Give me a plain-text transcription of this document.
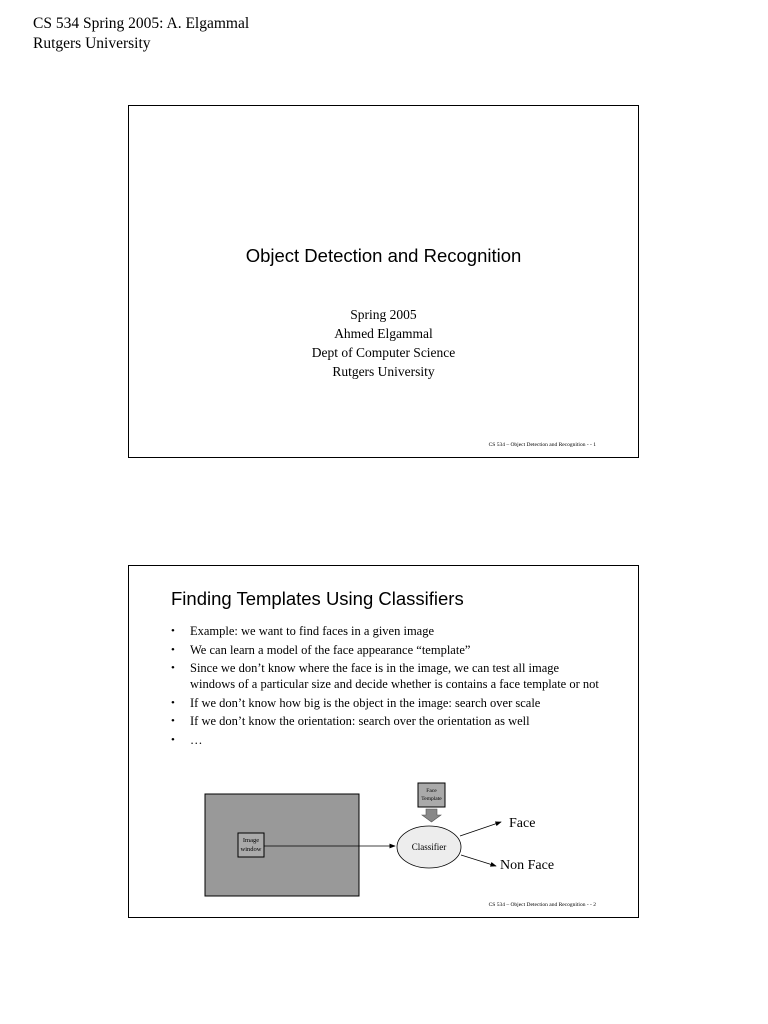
CS 534 Spring 2005: A. Elgammal
Rutgers University
Object Detection and Recognition
Spring 2005
Ahmed Elgammal
Dept of Computer Science
Rutgers University
CS 534 – Object Detection and Recognition - - 1
Finding Templates Using Classifiers
• Example: we want to find faces in a given image
• We can learn a model of the face appearance “template”
• Since we don’t know where the face is in the image, we can test all image windows of a particular size and decide whether is contains a face template or not
• If we don’t know how big is the object in the image: search over scale
• If we don’t know the orientation: search over the orientation as well
• …
Image
window
Face
Template
Classifier
Face
Non Face
CS 534 – Object Detection and Recognition - - 2
